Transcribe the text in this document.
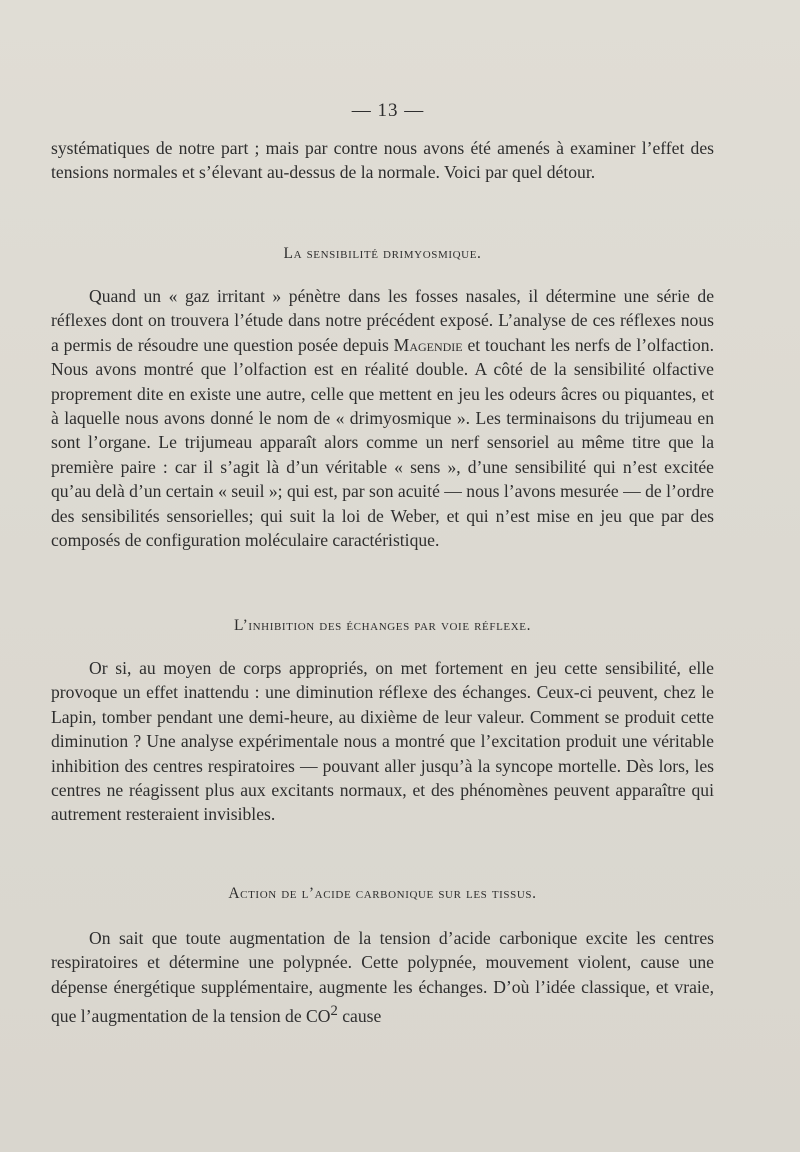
— 13 —

systématiques de notre part ; mais par contre nous avons été amenés à examiner l’effet des tensions normales et s’élevant au-dessus de la normale. Voici par quel détour.

La sensibilité drimyosmique.

Quand un « gaz irritant » pénètre dans les fosses nasales, il détermine une série de réflexes dont on trouvera l’étude dans notre précédent exposé. L’analyse de ces réflexes nous a permis de résoudre une question posée depuis Magendie et touchant les nerfs de l’olfaction. Nous avons montré que l’olfaction est en réalité double. A côté de la sensibilité olfactive proprement dite en existe une autre, celle que mettent en jeu les odeurs âcres ou piquantes, et à laquelle nous avons donné le nom de « drimyosmique ». Les terminaisons du trijumeau en sont l’organe. Le trijumeau apparaît alors comme un nerf sensoriel au même titre que la première paire : car il s’agit là d’un véritable « sens », d’une sensibilité qui n’est excitée qu’au delà d’un certain « seuil »; qui est, par son acuité — nous l’avons mesurée — de l’ordre des sensibilités sensorielles; qui suit la loi de Weber, et qui n’est mise en jeu que par des composés de configuration moléculaire caractéristique.

L’inhibition des échanges par voie réflexe.

Or si, au moyen de corps appropriés, on met fortement en jeu cette sensibilité, elle provoque un effet inattendu : une diminution réflexe des échanges. Ceux-ci peuvent, chez le Lapin, tomber pendant une demi-heure, au dixième de leur valeur. Comment se produit cette diminution ? Une analyse expérimentale nous a montré que l’excitation produit une véritable inhibition des centres respiratoires — pouvant aller jusqu’à la syncope mortelle. Dès lors, les centres ne réagissent plus aux excitants normaux, et des phénomènes peuvent apparaître qui autrement resteraient invisibles.

Action de l’acide carbonique sur les tissus.

On sait que toute augmentation de la tension d’acide carbonique excite les centres respiratoires et détermine une polypnée. Cette polypnée, mouvement violent, cause une dépense énergétique supplémentaire, augmente les échanges. D’où l’idée classique, et vraie, que l’augmentation de la tension de $CO^2$ cause
